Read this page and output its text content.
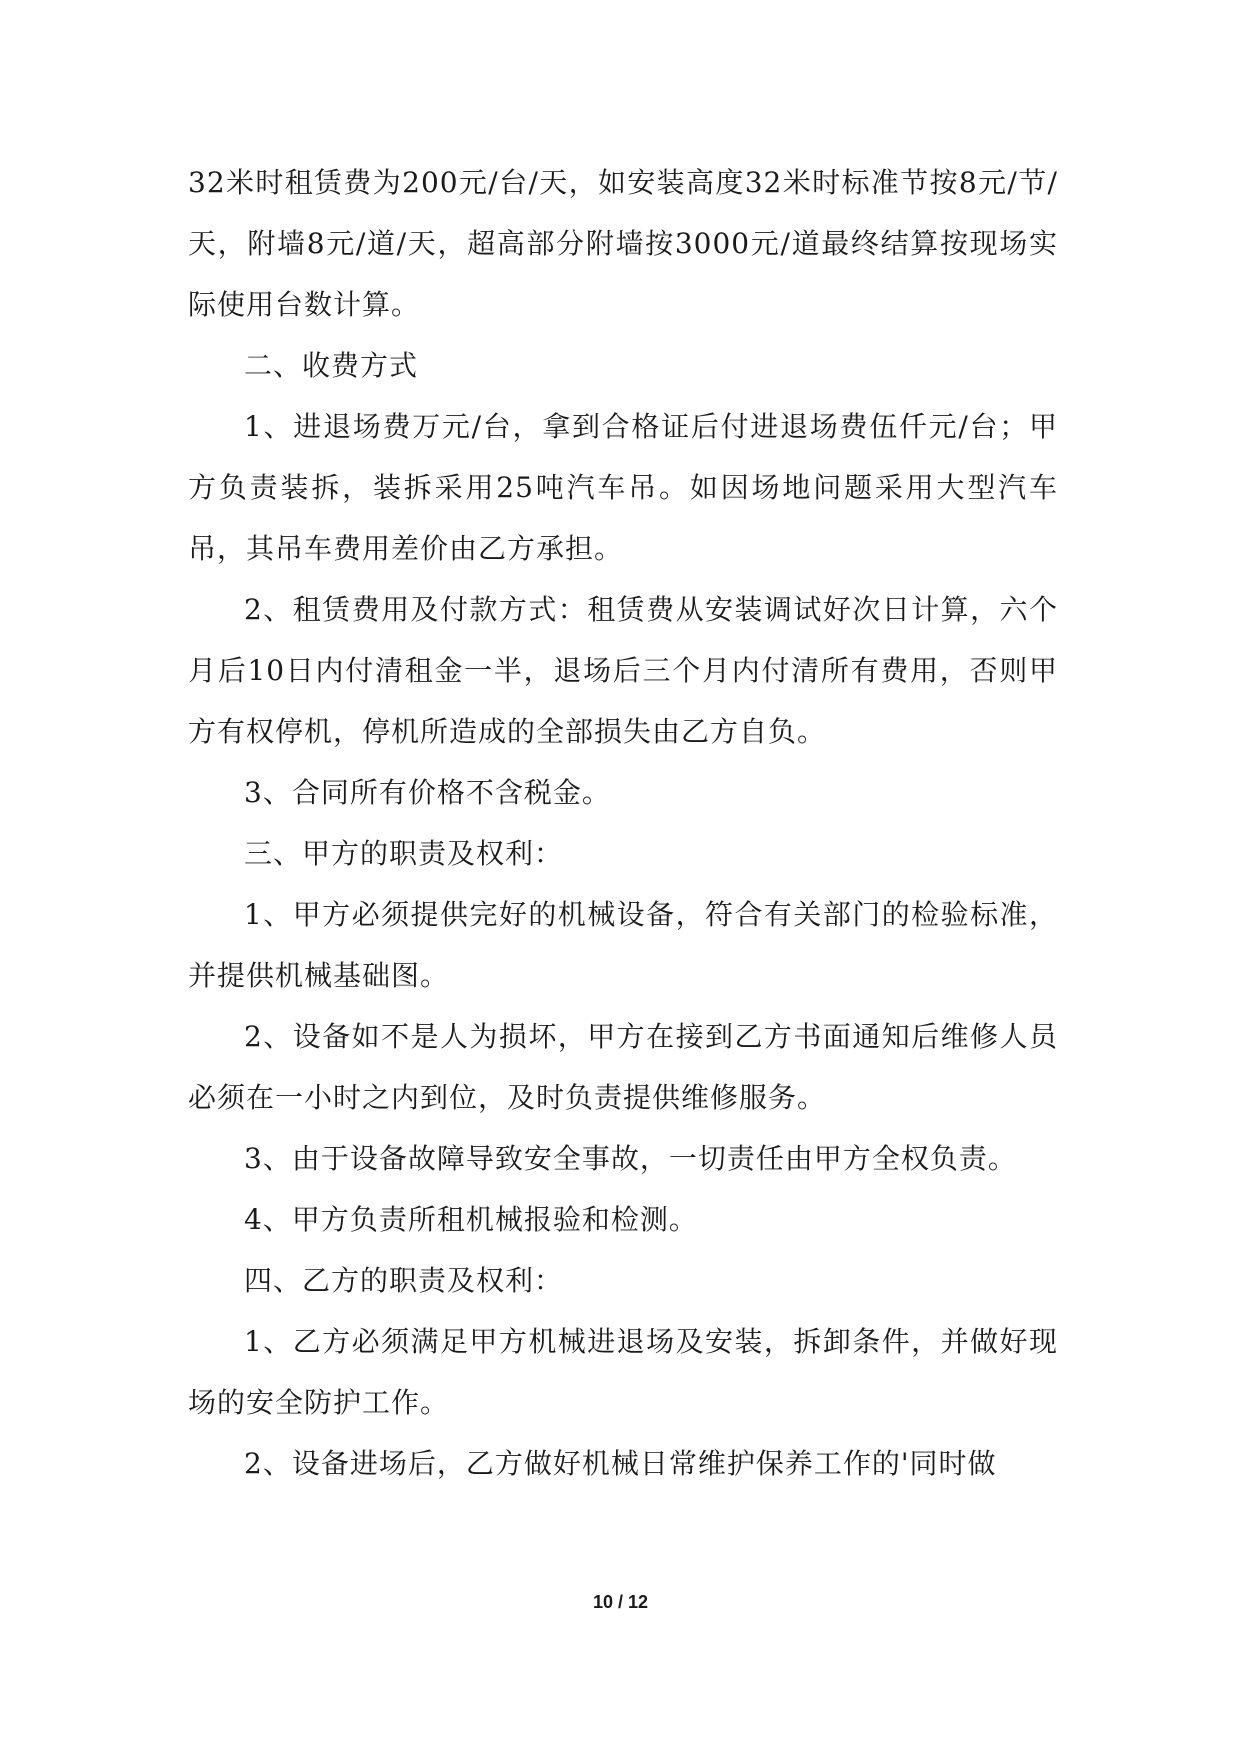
32米时租赁费为200元/台/天，如安装高度32米时标准节按8元/节/天，附墙8元/道/天，超高部分附墙按3000元/道最终结算按现场实际使用台数计算。

二、收费方式

1、进退场费万元/台，拿到合格证后付进退场费伍仟元/台；甲方负责装拆，装拆采用25吨汽车吊。如因场地问题采用大型汽车吊，其吊车费用差价由乙方承担。

2、租赁费用及付款方式：租赁费从安装调试好次日计算，六个月后10日内付清租金一半，退场后三个月内付清所有费用，否则甲方有权停机，停机所造成的全部损失由乙方自负。

3、合同所有价格不含税金。

三、甲方的职责及权利：

1、甲方必须提供完好的机械设备，符合有关部门的检验标准，并提供机械基础图。

2、设备如不是人为损坏，甲方在接到乙方书面通知后维修人员必须在一小时之内到位，及时负责提供维修服务。

3、由于设备故障导致安全事故，一切责任由甲方全权负责。

4、甲方负责所租机械报验和检测。

四、乙方的职责及权利：

1、乙方必须满足甲方机械进退场及安装，拆卸条件，并做好现场的安全防护工作。

2、设备进场后，乙方做好机械日常维护保养工作的'同时做

10 / 12
